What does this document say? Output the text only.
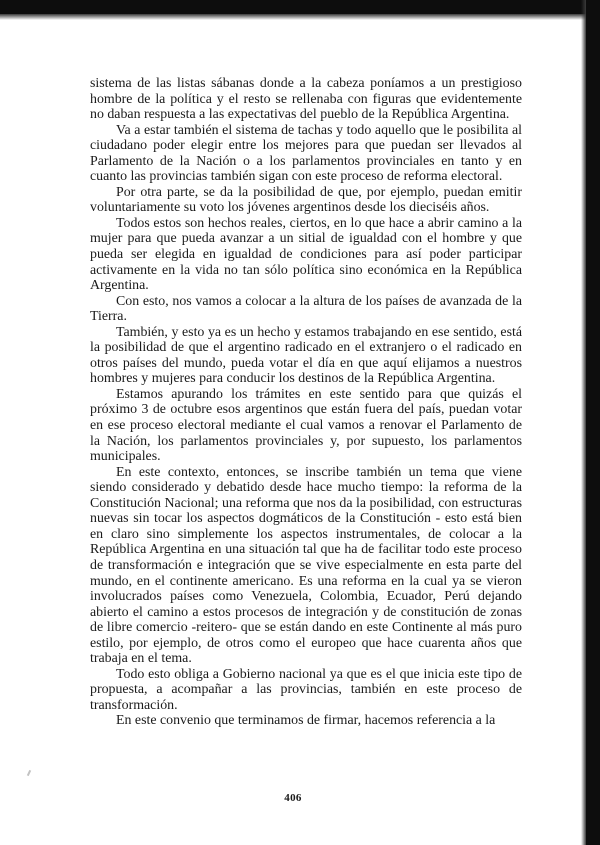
sistema de las listas sábanas donde a la cabeza poníamos a un prestigioso hombre de la política y el resto se rellenaba con figuras que evidentemente no daban respuesta a las expectativas del pueblo de la República Argentina.

Va a estar también el sistema de tachas y todo aquello que le posibilita al ciudadano poder elegir entre los mejores para que puedan ser llevados al Parlamento de la Nación o a los parlamentos provinciales en tanto y en cuanto las provincias también sigan con este proceso de reforma electoral.

Por otra parte, se da la posibilidad de que, por ejemplo, puedan emitir voluntariamente su voto los jóvenes argentinos desde los dieciséis años.

Todos estos son hechos reales, ciertos, en lo que hace a abrir camino a la mujer para que pueda avanzar a un sitial de igualdad con el hombre y que pueda ser elegida en igualdad de condiciones para así poder participar activamente en la vida no tan sólo política sino económica en la República Argentina.

Con esto, nos vamos a colocar a la altura de los países de avanzada de la Tierra.

También, y esto ya es un hecho y estamos trabajando en ese sentido, está la posibilidad de que el argentino radicado en el extranjero o el radicado en otros países del mundo, pueda votar el día en que aquí elijamos a nuestros hombres y mujeres para conducir los destinos de la República Argentina.

Estamos apurando los trámites en este sentido para que quizás el próximo 3 de octubre esos argentinos que están fuera del país, puedan votar en ese proceso electoral mediante el cual vamos a renovar el Parlamento de la Nación, los parlamentos provinciales y, por supuesto, los parlamentos municipales.

En este contexto, entonces, se inscribe también un tema que viene siendo considerado y debatido desde hace mucho tiempo: la reforma de la Constitución Nacional; una reforma que nos da la posibilidad, con estructuras nuevas sin tocar los aspectos dogmáticos de la Constitución - esto está bien en claro sino simplemente los aspectos instrumentales, de colocar a la República Argentina en una situación tal que ha de facilitar todo este proceso de transformación e integración que se vive especialmente en esta parte del mundo, en el continente americano. Es una reforma en la cual ya se vieron involucrados países como Venezuela, Colombia, Ecuador, Perú dejando abierto el camino a estos procesos de integración y de constitución de zonas de libre comercio -reitero- que se están dando en este Continente al más puro estilo, por ejemplo, de otros como el europeo que hace cuarenta años que trabaja en el tema.

Todo esto obliga a Gobierno nacional ya que es el que inicia este tipo de propuesta, a acompañar a las provincias, también en este proceso de transformación.

En este convenio que terminamos de firmar, hacemos referencia a la

406
